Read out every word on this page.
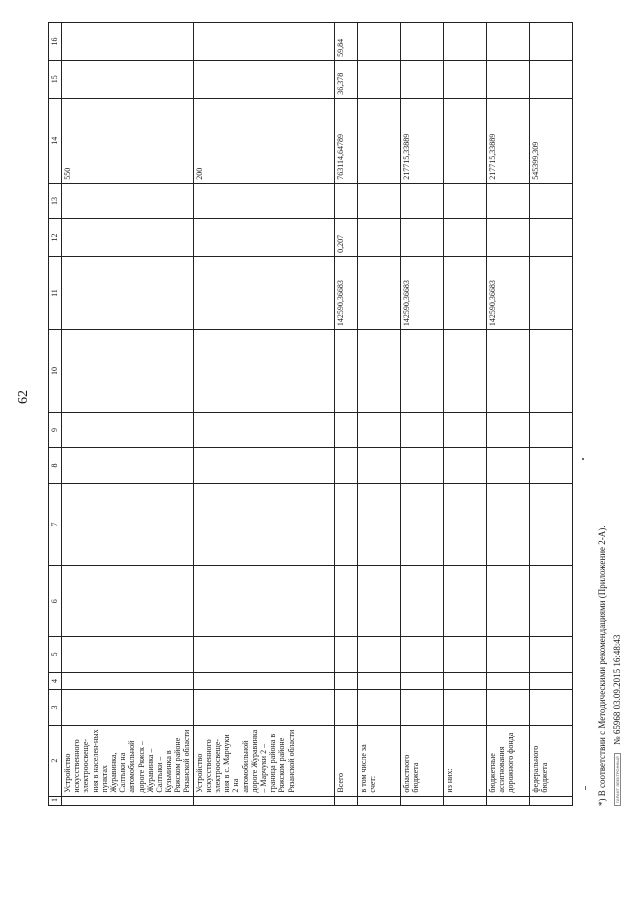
62
1	2	3	4	5	6	7	8	9	10	11	12	13	14	15	16
	Устройство искусственного электроосвеще-ния в населен-ных пунктах Журавинка, Салтыки на автомобильной дороге Ряжск – Журавинка – Салтыки – Кузьминка в Ряжском районе Рязанской области												550		
	Устройство искусственного электроосвеще-ния в с. Марчуки 2 на автомобильной дороге Журавинка – Марчуки 2 – граница района в Ряжском районе Рязанской области												200		
	Всего									142590,36683	0,207		763114,64789	36,378	59,84
	в том числе за счет:														
	областного бюджета									142590,36683			217715,33889		
	из них:														
	бюджетные ассигнования дорожного фонда									142590,36683			217715,33889		
	федерального бюджета												545399,309		
*) В соответствии с Методическими рекомендациями (Приложение 2-А).	ГАРАНТ ЭЛЕКТРОННЫЙ № 65968 03.09.2015 16:48:43
